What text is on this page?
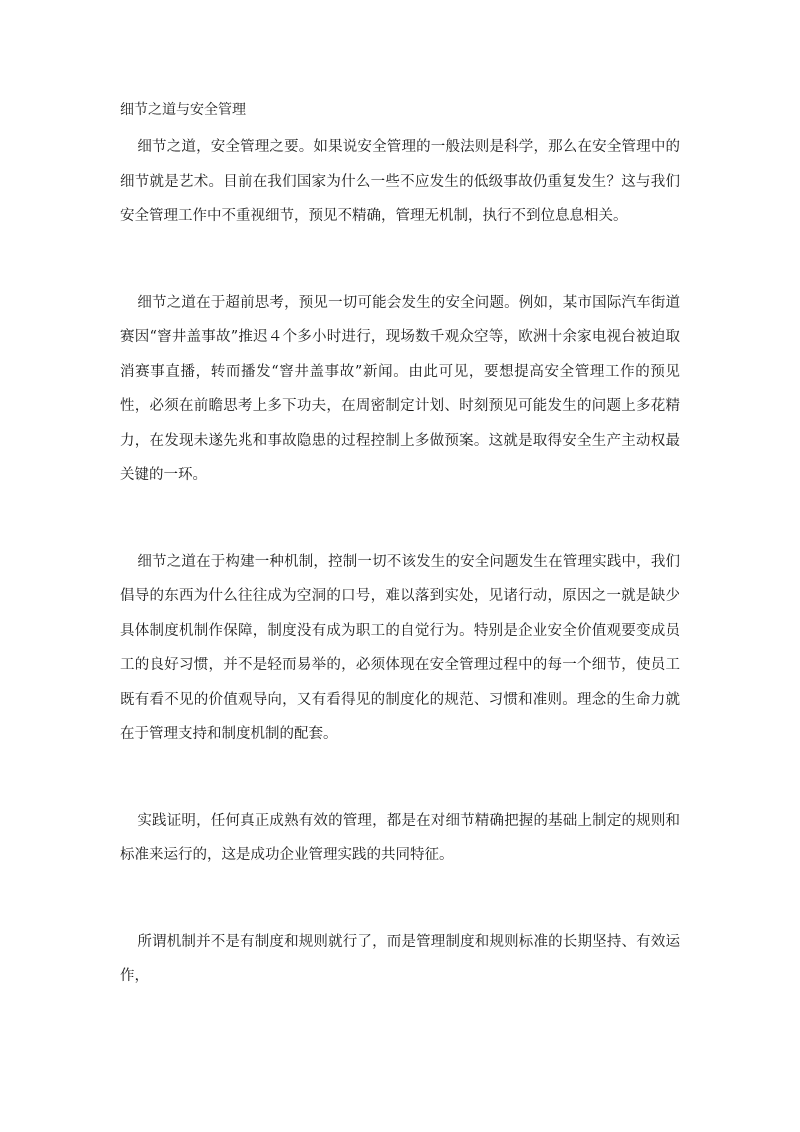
细节之道与安全管理

细节之道，安全管理之要。如果说安全管理的一般法则是科学，那么在安全管理中的细节就是艺术。目前在我们国家为什么一些不应发生的低级事故仍重复发生？这与我们安全管理工作中不重视细节，预见不精确，管理无机制，执行不到位息息相关。

细节之道在于超前思考，预见一切可能会发生的安全问题。例如，某市国际汽车街道赛因“窨井盖事故”推迟４个多小时进行，现场数千观众空等，欧洲十余家电视台被迫取消赛事直播，转而播发“窨井盖事故”新闻。由此可见，要想提高安全管理工作的预见性，必须在前瞻思考上多下功夫，在周密制定计划、时刻预见可能发生的问题上多花精力，在发现未遂先兆和事故隐患的过程控制上多做预案。这就是取得安全生产主动权最关键的一环。

细节之道在于构建一种机制，控制一切不该发生的安全问题发生在管理实践中，我们倡导的东西为什么往往成为空洞的口号，难以落到实处，见诸行动，原因之一就是缺少具体制度机制作保障，制度没有成为职工的自觉行为。特别是企业安全价值观要变成员工的良好习惯，并不是轻而易举的，必须体现在安全管理过程中的每一个细节，使员工既有看不见的价值观导向，又有看得见的制度化的规范、习惯和准则。理念的生命力就在于管理支持和制度机制的配套。

实践证明，任何真正成熟有效的管理，都是在对细节精确把握的基础上制定的规则和标准来运行的，这是成功企业管理实践的共同特征。

所谓机制并不是有制度和规则就行了，而是管理制度和规则标准的长期坚持、有效运作，
